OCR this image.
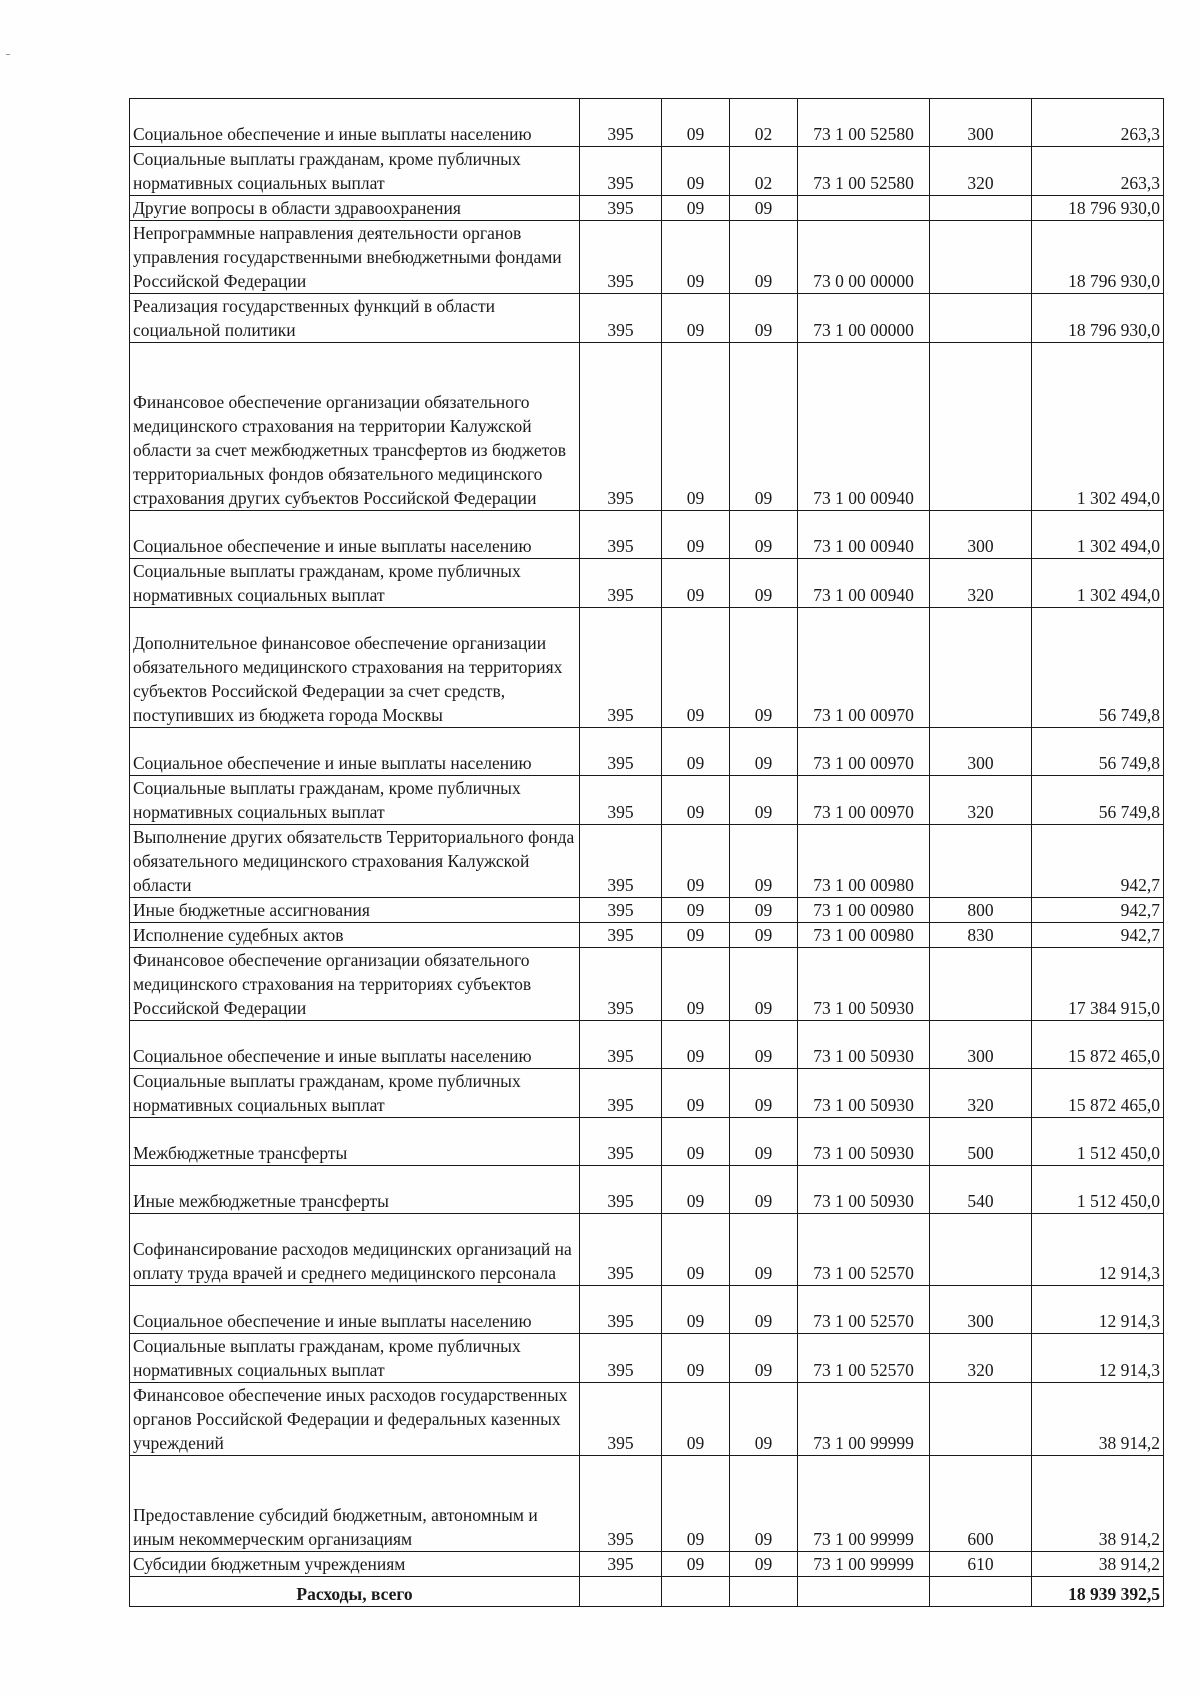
Социальное обеспечение и иные выплаты населению	395	09	02	73 1 00 52580	300	263,3
Социальные выплаты гражданам, кроме публичных нормативных социальных выплат	395	09	02	73 1 00 52580	320	263,3
Другие вопросы в области здравоохранения	395	09	09			18 796 930,0
Непрограммные направления деятельности органов управления государственными внебюджетными фондами Российской Федерации	395	09	09	73 0 00 00000		18 796 930,0
Реализация государственных функций в области социальной политики	395	09	09	73 1 00 00000		18 796 930,0
Финансовое обеспечение организации обязательного медицинского страхования на территории Калужской области за счет межбюджетных трансфертов из бюджетов территориальных фондов обязательного медицинского страхования других субъектов Российской Федерации	395	09	09	73 1 00 00940		1 302 494,0
Социальное обеспечение и иные выплаты населению	395	09	09	73 1 00 00940	300	1 302 494,0
Социальные выплаты гражданам, кроме публичных нормативных социальных выплат	395	09	09	73 1 00 00940	320	1 302 494,0
Дополнительное финансовое обеспечение организации обязательного медицинского страхования на территориях субъектов Российской Федерации за счет средств, поступивших из бюджета города Москвы	395	09	09	73 1 00 00970		56 749,8
Социальное обеспечение и иные выплаты населению	395	09	09	73 1 00 00970	300	56 749,8
Социальные выплаты гражданам, кроме публичных нормативных социальных выплат	395	09	09	73 1 00 00970	320	56 749,8
Выполнение других обязательств Территориального фонда обязательного медицинского страхования Калужской области	395	09	09	73 1 00 00980		942,7
Иные бюджетные ассигнования	395	09	09	73 1 00 00980	800	942,7
Исполнение судебных актов	395	09	09	73 1 00 00980	830	942,7
Финансовое обеспечение организации обязательного медицинского страхования на территориях субъектов Российской Федерации	395	09	09	73 1 00 50930		17 384 915,0
Социальное обеспечение и иные выплаты населению	395	09	09	73 1 00 50930	300	15 872 465,0
Социальные выплаты гражданам, кроме публичных нормативных социальных выплат	395	09	09	73 1 00 50930	320	15 872 465,0
Межбюджетные трансферты	395	09	09	73 1 00 50930	500	1 512 450,0
Иные межбюджетные трансферты	395	09	09	73 1 00 50930	540	1 512 450,0
Софинансирование расходов медицинских организаций на оплату труда врачей и среднего медицинского персонала	395	09	09	73 1 00 52570		12 914,3
Социальное обеспечение и иные выплаты населению	395	09	09	73 1 00 52570	300	12 914,3
Социальные выплаты гражданам, кроме публичных нормативных социальных выплат	395	09	09	73 1 00 52570	320	12 914,3
Финансовое обеспечение иных расходов государственных органов Российской Федерации и федеральных казенных учреждений	395	09	09	73 1 00 99999		38 914,2
Предоставление субсидий бюджетным, автономным и иным некоммерческим организациям	395	09	09	73 1 00 99999	600	38 914,2
Субсидии бюджетным учреждениям	395	09	09	73 1 00 99999	610	38 914,2
Расходы, всего						18 939 392,5
